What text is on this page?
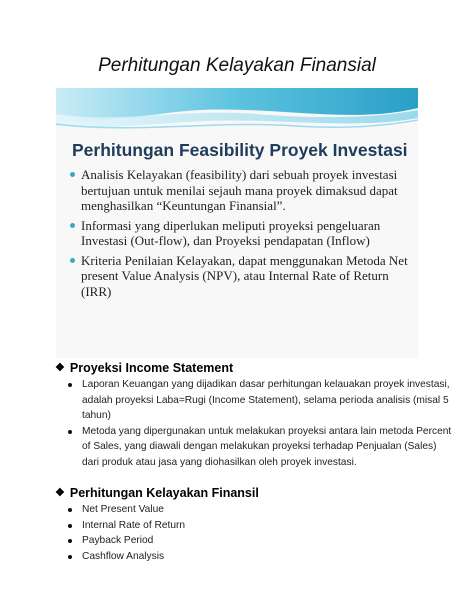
Perhitungan Kelayakan Finansial
Perhitungan Feasibility Proyek Investasi
Analisis Kelayakan (feasibility) dari sebuah proyek investasi bertujuan untuk menilai sejauh mana proyek dimaksud dapat menghasilkan “Keuntungan Finansial”.
Informasi yang diperlukan meliputi proyeksi pengeluaran Investasi (Out-flow), dan Proyeksi pendapatan (Inflow)
Kriteria Penilaian Kelayakan, dapat menggunakan Metoda Net present Value Analysis (NPV), atau Internal Rate of Return (IRR)
❖ Proyeksi Income Statement
Laporan Keuangan yang dijadikan dasar perhitungan kelauakan proyek investasi, adalah proyeksi Laba=Rugi (Income Statement), selama perioda analisis (misal 5 tahun)
Metoda yang dipergunakan untuk melakukan proyeksi antara lain metoda Percent of Sales, yang diawali dengan melakukan proyeksi terhadap Penjualan (Sales) dari produk atau jasa yang diohasilkan oleh proyek investasi.
❖ Perhitungan Kelayakan Finansil
Net Present Value
Internal Rate of Return
Payback Period
Cashflow Analysis
